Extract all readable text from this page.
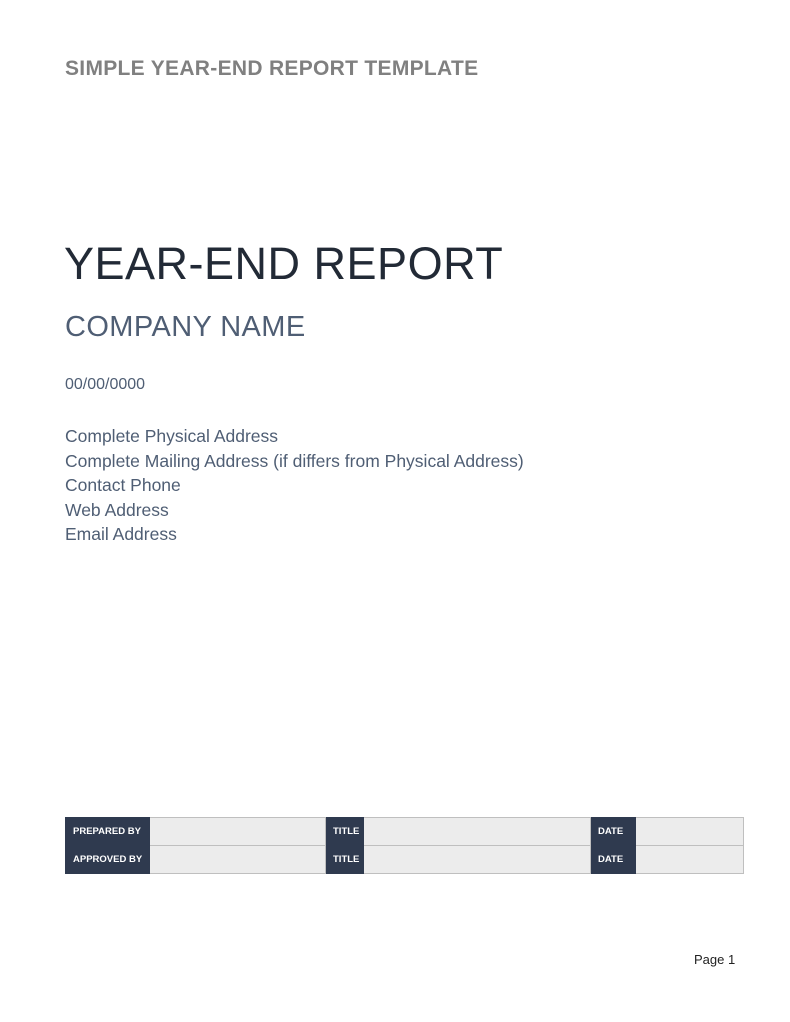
SIMPLE YEAR-END REPORT TEMPLATE
YEAR-END REPORT
COMPANY NAME
00/00/0000
Complete Physical Address
Complete Mailing Address (if differs from Physical Address)
Contact Phone
Web Address
Email Address
PREPARED BY		TITLE		DATE	
APPROVED BY		TITLE		DATE	
Page 1
